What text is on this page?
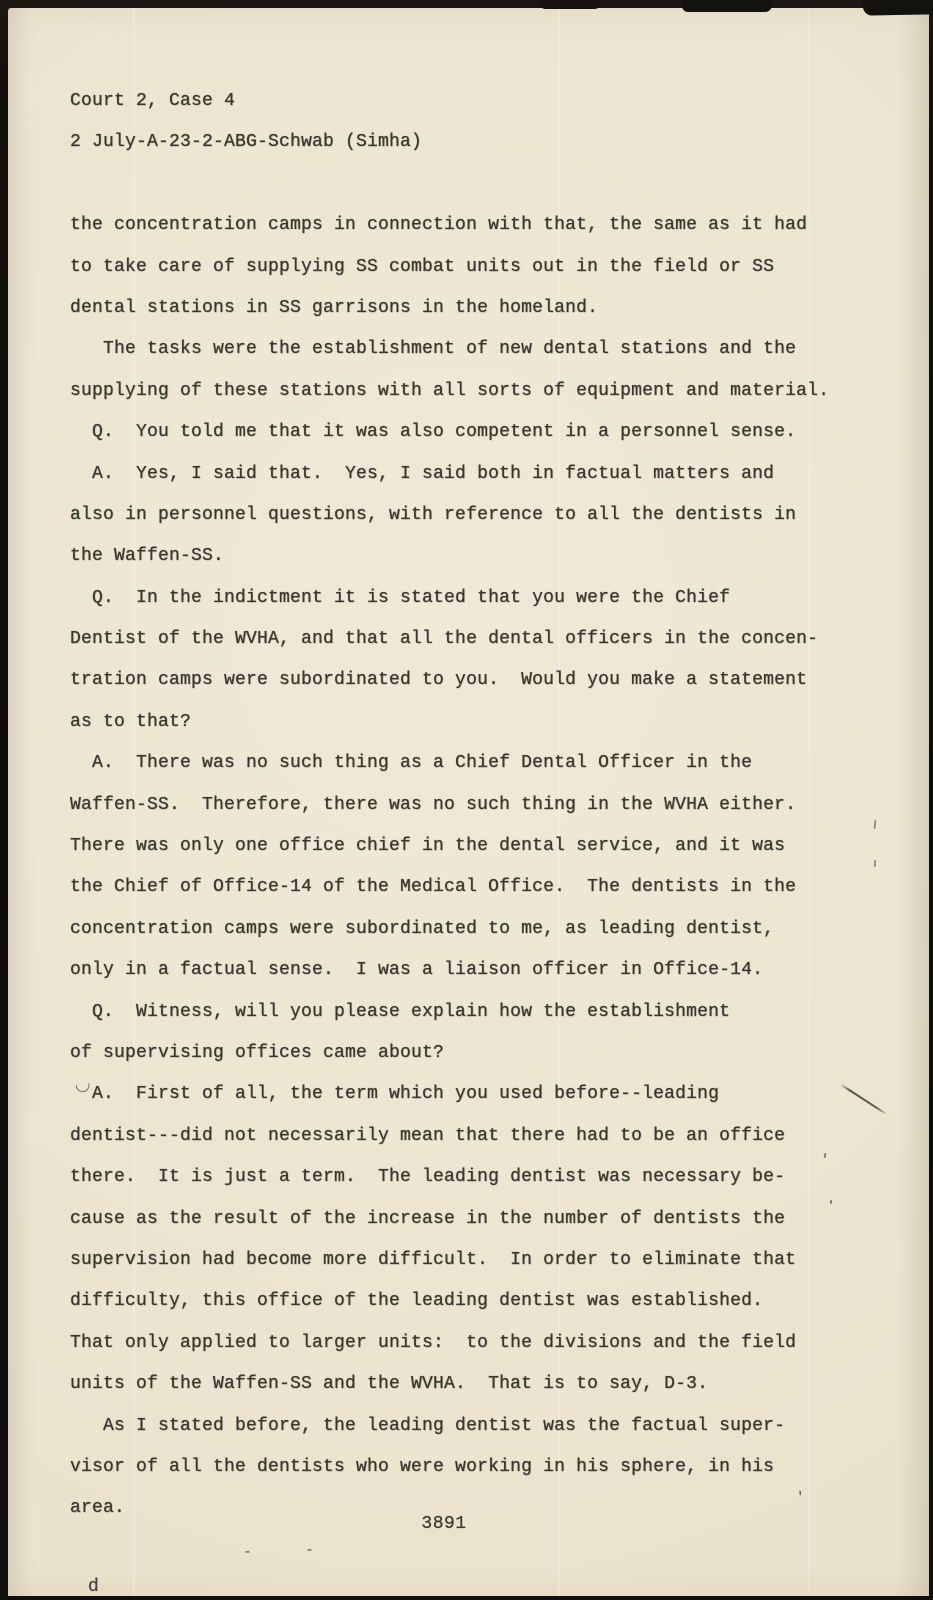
Court 2, Case 4
2 July-A-23-2-ABG-Schwab (Simha)
the concentration camps in connection with that, the same as it had
to take care of supplying SS combat units out in the field or SS
dental stations in SS garrisons in the homeland.
The tasks were the establishment of new dental stations and the
supplying of these stations with all sorts of equipment and material.
Q.  You told me that it was also competent in a personnel sense.
A.  Yes, I said that.  Yes, I said both in factual matters and
also in personnel questions, with reference to all the dentists in
the Waffen-SS.
Q.  In the indictment it is stated that you were the Chief
Dentist of the WVHA, and that all the dental officers in the concen-
tration camps were subordinated to you.  Would you make a statement
as to that?
A.  There was no such thing as a Chief Dental Officer in the
Waffen-SS.  Therefore, there was no such thing in the WVHA either.
There was only one office chief in the dental service, and it was
the Chief of Office-14 of the Medical Office.  The dentists in the
concentration camps were subordinated to me, as leading dentist,
only in a factual sense.  I was a liaison officer in Office-14.
Q.  Witness, will you please explain how the establishment
of supervising offices came about?
A.  First of all, the term which you used before--leading
dentist---did not necessarily mean that there had to be an office
there.  It is just a term.  The leading dentist was necessary be-
cause as the result of the increase in the number of dentists the
supervision had become more difficult.  In order to eliminate that
difficulty, this office of the leading dentist was established.
That only applied to larger units:  to the divisions and the field
units of the Waffen-SS and the WVHA.  That is to say, D-3.
As I stated before, the leading dentist was the factual super-
visor of all the dentists who were working in his sphere, in his
area.
3891
d
-	-
'
